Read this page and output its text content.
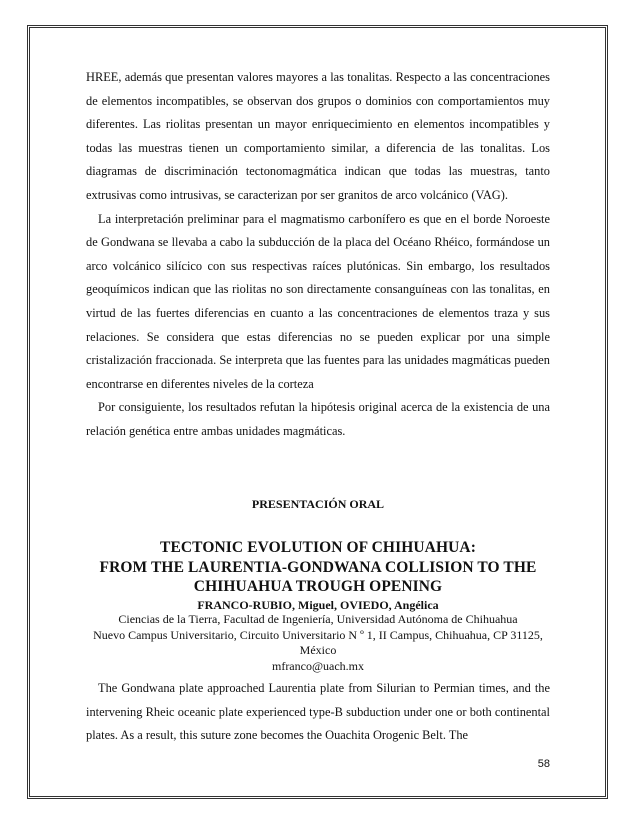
HREE, además que presentan valores mayores a las tonalitas. Respecto a las concentraciones de elementos incompatibles, se observan dos grupos o dominios con comportamientos muy diferentes. Las riolitas presentan un mayor enriquecimiento en elementos incompatibles y todas las muestras tienen un comportamiento similar, a diferencia de las tonalitas. Los diagramas de discriminación tectonomagmática indican que todas las muestras, tanto extrusivas como intrusivas, se caracterizan por ser granitos de arco volcánico (VAG).

La interpretación preliminar para el magmatismo carbonífero es que en el borde Noroeste de Gondwana se llevaba a cabo la subducción de la placa del Océano Rhéico, formándose un arco volcánico silícico con sus respectivas raíces plutónicas. Sin embargo, los resultados geoquímicos indican que las riolitas no son directamente consanguíneas con las tonalitas, en virtud de las fuertes diferencias en cuanto a las concentraciones de elementos traza y sus relaciones. Se considera que estas diferencias no se pueden explicar por una simple cristalización fraccionada. Se interpreta que las fuentes para las unidades magmáticas pueden encontrarse en diferentes niveles de la corteza

Por consiguiente, los resultados refutan la hipótesis original acerca de la existencia de una relación genética entre ambas unidades magmáticas.

PRESENTACIÓN ORAL
TECTONIC EVOLUTION OF CHIHUAHUA:
FROM THE LAURENTIA-GONDWANA COLLISION TO THE
CHIHUAHUA TROUGH OPENING
FRANCO-RUBIO, Miguel, OVIEDO, Angélica
Ciencias de la Tierra, Facultad de Ingeniería, Universidad Autónoma de Chihuahua
Nuevo Campus Universitario, Circuito Universitario N º 1, II Campus, Chihuahua, CP 31125,
México
mfranco@uach.mx

The Gondwana plate approached Laurentia plate from Silurian to Permian times, and the intervening Rheic oceanic plate experienced type-B subduction under one or both continental plates. As a result, this suture zone becomes the Ouachita Orogenic Belt. The

58
